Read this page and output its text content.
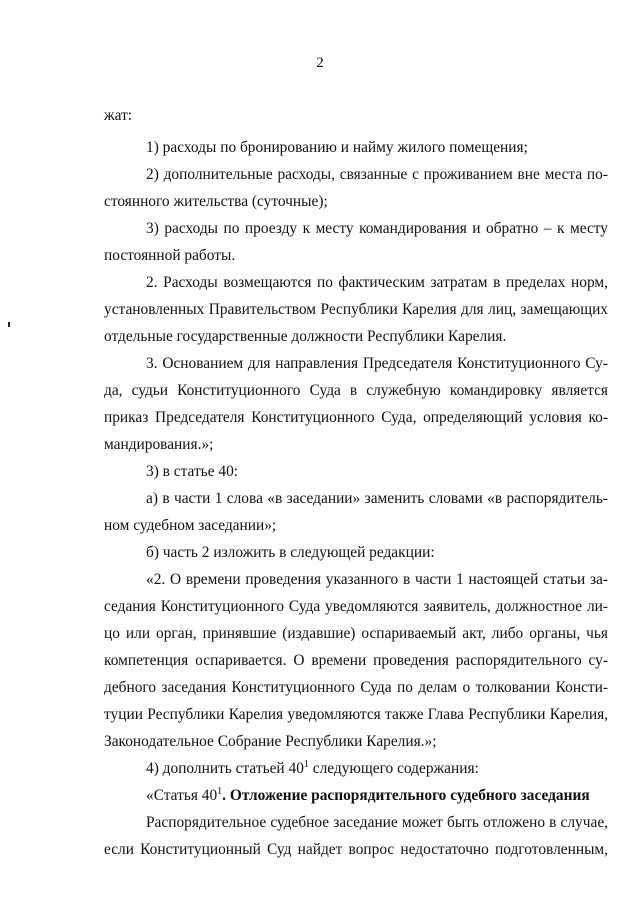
2
жат:
1) расходы по бронированию и найму жилого помещения;
2) дополнительные расходы, связанные с проживанием вне места по-
стоянного жительства (суточные);
3) расходы по проезду к месту командирования и обратно – к месту
постоянной работы.
2. Расходы возмещаются по фактическим затратам в пределах норм,
установленных Правительством Республики Карелия для лиц, замещающих
отдельные государственные должности Республики Карелия.
3. Основанием для направления Председателя Конституционного Су-
да, судьи Конституционного Суда в служебную командировку является
приказ Председателя Конституционного Суда, определяющий условия ко-
мандирования.»;
3) в статье 40:
а) в части 1 слова «в заседании» заменить словами «в распорядитель-
ном судебном заседании»;
б) часть 2 изложить в следующей редакции:
«2. О времени проведения указанного в части 1 настоящей статьи за-
седания Конституционного Суда уведомляются заявитель, должностное ли-
цо или орган, принявшие (издавшие) оспариваемый акт, либо органы, чья
компетенция оспаривается. О времени проведения распорядительного су-
дебного заседания Конституционного Суда по делам о толковании Консти-
туции Республики Карелия уведомляются также Глава Республики Карелия,
Законодательное Собрание Республики Карелия.»;
4) дополнить статьей $40^1$ следующего содержания:
«Статья $40^1$. Отложение распорядительного судебного заседания
Распорядительное судебное заседание может быть отложено в случае,
если Конституционный Суд найдет вопрос недостаточно подготовленным,
